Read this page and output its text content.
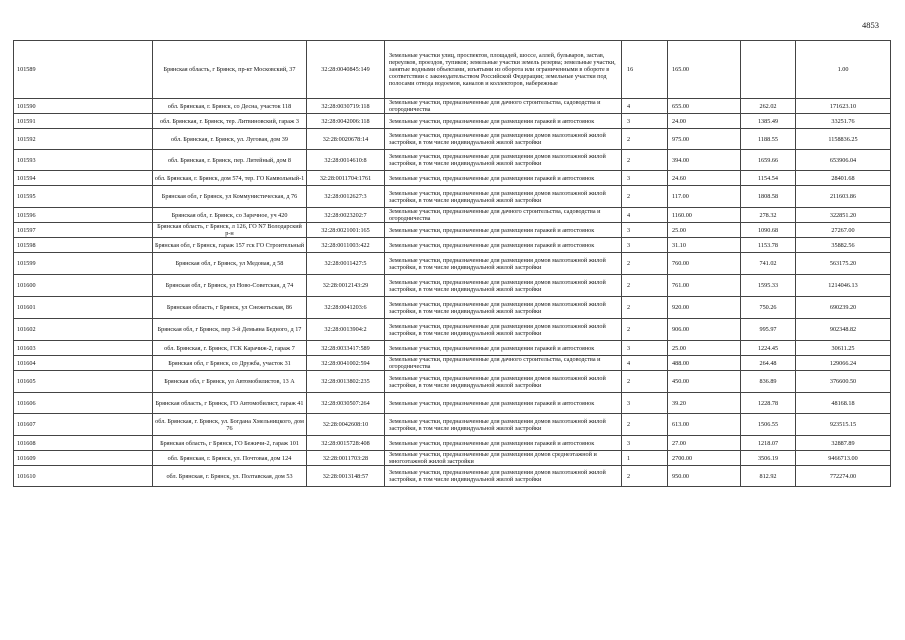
4853
101589	Брянская область, г Брянск, пр-кт Московский, 37	32:28:0040845:149	Земельные участки улиц, проспектов, площадей, шоссе, аллей, бульваров, застав, переулков, проездов, тупиков; земельные участки земель резерва; земельные участки, занятые водными объектами, изъятыми из оборота или ограниченными в обороте в соответствии с законодательством Российской Федерации; земельные участки под полосами отвода водоемов, каналов и коллекторов, набережные	16	165.00		1.00
101590	обл. Брянская, г. Брянск, со Десна, участок 118	32:28:0030719:118	Земельные участки, предназначенные для дачного строительства, садоводства и огородничества	4	655.00	262.02	171623.10
101591	обл. Брянская, г. Брянск, тер. Литвиновский, гараж 3	32:28:0042006:118	Земельные участки, предназначенные для размещения гаражей и автостоянок	3	24.00	1385.49	33251.76
101592	обл. Брянская, г. Брянск, ул. Луговая, дом 39	32:28:0020678:14	Земельные участки, предназначенные для размещения домов малоэтажной жилой застройки, в том числе индивидуальной жилой застройки	2	975.00	1188.55	1158836.25
101593	обл. Брянская, г. Брянск, пер. Литейный, дом 8	32:28:0014610:8	Земельные участки, предназначенные для размещения домов малоэтажной жилой застройки, в том числе индивидуальной жилой застройки	2	394.00	1659.66	653906.04
101594	обл. Брянская, г. Брянск, дом 574, тер. ГО Камвольный-1	32:28:0011704:1761	Земельные участки, предназначенные для размещения гаражей и автостоянок	3	24.60	1154.54	28401.68
101595	Брянская обл, г Брянск, ул Коммунистическая, д 76	32:28:0012627:3	Земельные участки, предназначенные для размещения домов малоэтажной жилой застройки, в том числе индивидуальной жилой застройки	2	117.00	1808.58	211603.86
101596	Брянская обл, г. Брянск, со Заречное, уч 420	32:28:0023202:7	Земельные участки, предназначенные для дачного строительства, садоводства и огородничества	4	1160.00	278.32	322851.20
101597	Брянская область, г Брянск, л 126, ГО N7 Володарский р-н	32:28:0021001:165	Земельные участки, предназначенные для размещения гаражей и автостоянок	3	25.00	1090.68	27267.00
101598	Брянская обл, г Брянск, гараж 157 гск ГО Строительный	32:28:0011003:422	Земельные участки, предназначенные для размещения гаражей и автостоянок	3	31.10	1153.78	35882.56
101599	Брянская обл, г Брянск, ул Медовая, д 58	32:28:0011427:5	Земельные участки, предназначенные для размещения домов малоэтажной жилой застройки, в том числе индивидуальной жилой застройки	2	760.00	741.02	563175.20
101600	Брянская обл, г Брянск, ул Ново-Советская, д 74	32:28:0012143:29	Земельные участки, предназначенные для размещения домов малоэтажной жилой застройки, в том числе индивидуальной жилой застройки	2	761.00	1595.33	1214046.13
101601	Брянская область, г Брянск, ул Снежетьская, 86	32:28:0041203:6	Земельные участки, предназначенные для размещения домов малоэтажной жилой застройки, в том числе индивидуальной жилой застройки	2	920.00	750.26	690239.20
101602	Брянская обл, г Брянск, пер 3-й Демьяна Бедного, д 17	32:28:0013904:2	Земельные участки, предназначенные для размещения домов малоэтажной жилой застройки, в том числе индивидуальной жилой застройки	2	906.00	995.97	902348.82
101603	обл. Брянская, г. Брянск, ГСК Карачиж-2, гараж 7	32:28:0033417:589	Земельные участки, предназначенные для размещения гаражей и автостоянок	3	25.00	1224.45	30611.25
101604	Брянская обл, г Брянск, со Дружба, участок 31	32:28:0041002:594	Земельные участки, предназначенные для дачного строительства, садоводства и огородничества	4	488.00	264.48	129066.24
101605	Брянская обл, г Брянск, ул Автомобилистов, 13 А	32:28:0013802:235	Земельные участки, предназначенные для размещения домов малоэтажной жилой застройки, в том числе индивидуальной жилой застройки	2	450.00	836.89	376600.50
101606	Брянская область, г Брянск, ГО Автомобилист, гараж 41	32:28:0030507:264	Земельные участки, предназначенные для размещения гаражей и автостоянок	3	39.20	1228.78	48168.18
101607	обл. Брянская, г. Брянск, ул. Богдана Хмельницкого, дом 76	32:28:0042608:10	Земельные участки, предназначенные для размещения домов малоэтажной жилой застройки, в том числе индивидуальной жилой застройки	2	613.00	1506.55	923515.15
101608	Брянская область, г Брянск, ГО Бежичи-2, гараж 101	32:28:0015728:408	Земельные участки, предназначенные для размещения гаражей и автостоянок	3	27.00	1218.07	32887.89
101609	обл. Брянская, г. Брянск, ул. Почтовая, дом 124	32:28:0011703:28	Земельные участки, предназначенные для размещения домов среднеэтажной и многоэтажной жилой застройки	1	2700.00	3506.19	9466713.00
101610	обл. Брянская, г. Брянск, ул. Полтавская, дом 53	32:28:0013148:57	Земельные участки, предназначенные для размещения домов малоэтажной жилой застройки, в том числе индивидуальной жилой застройки	2	950.00	812.92	772274.00
